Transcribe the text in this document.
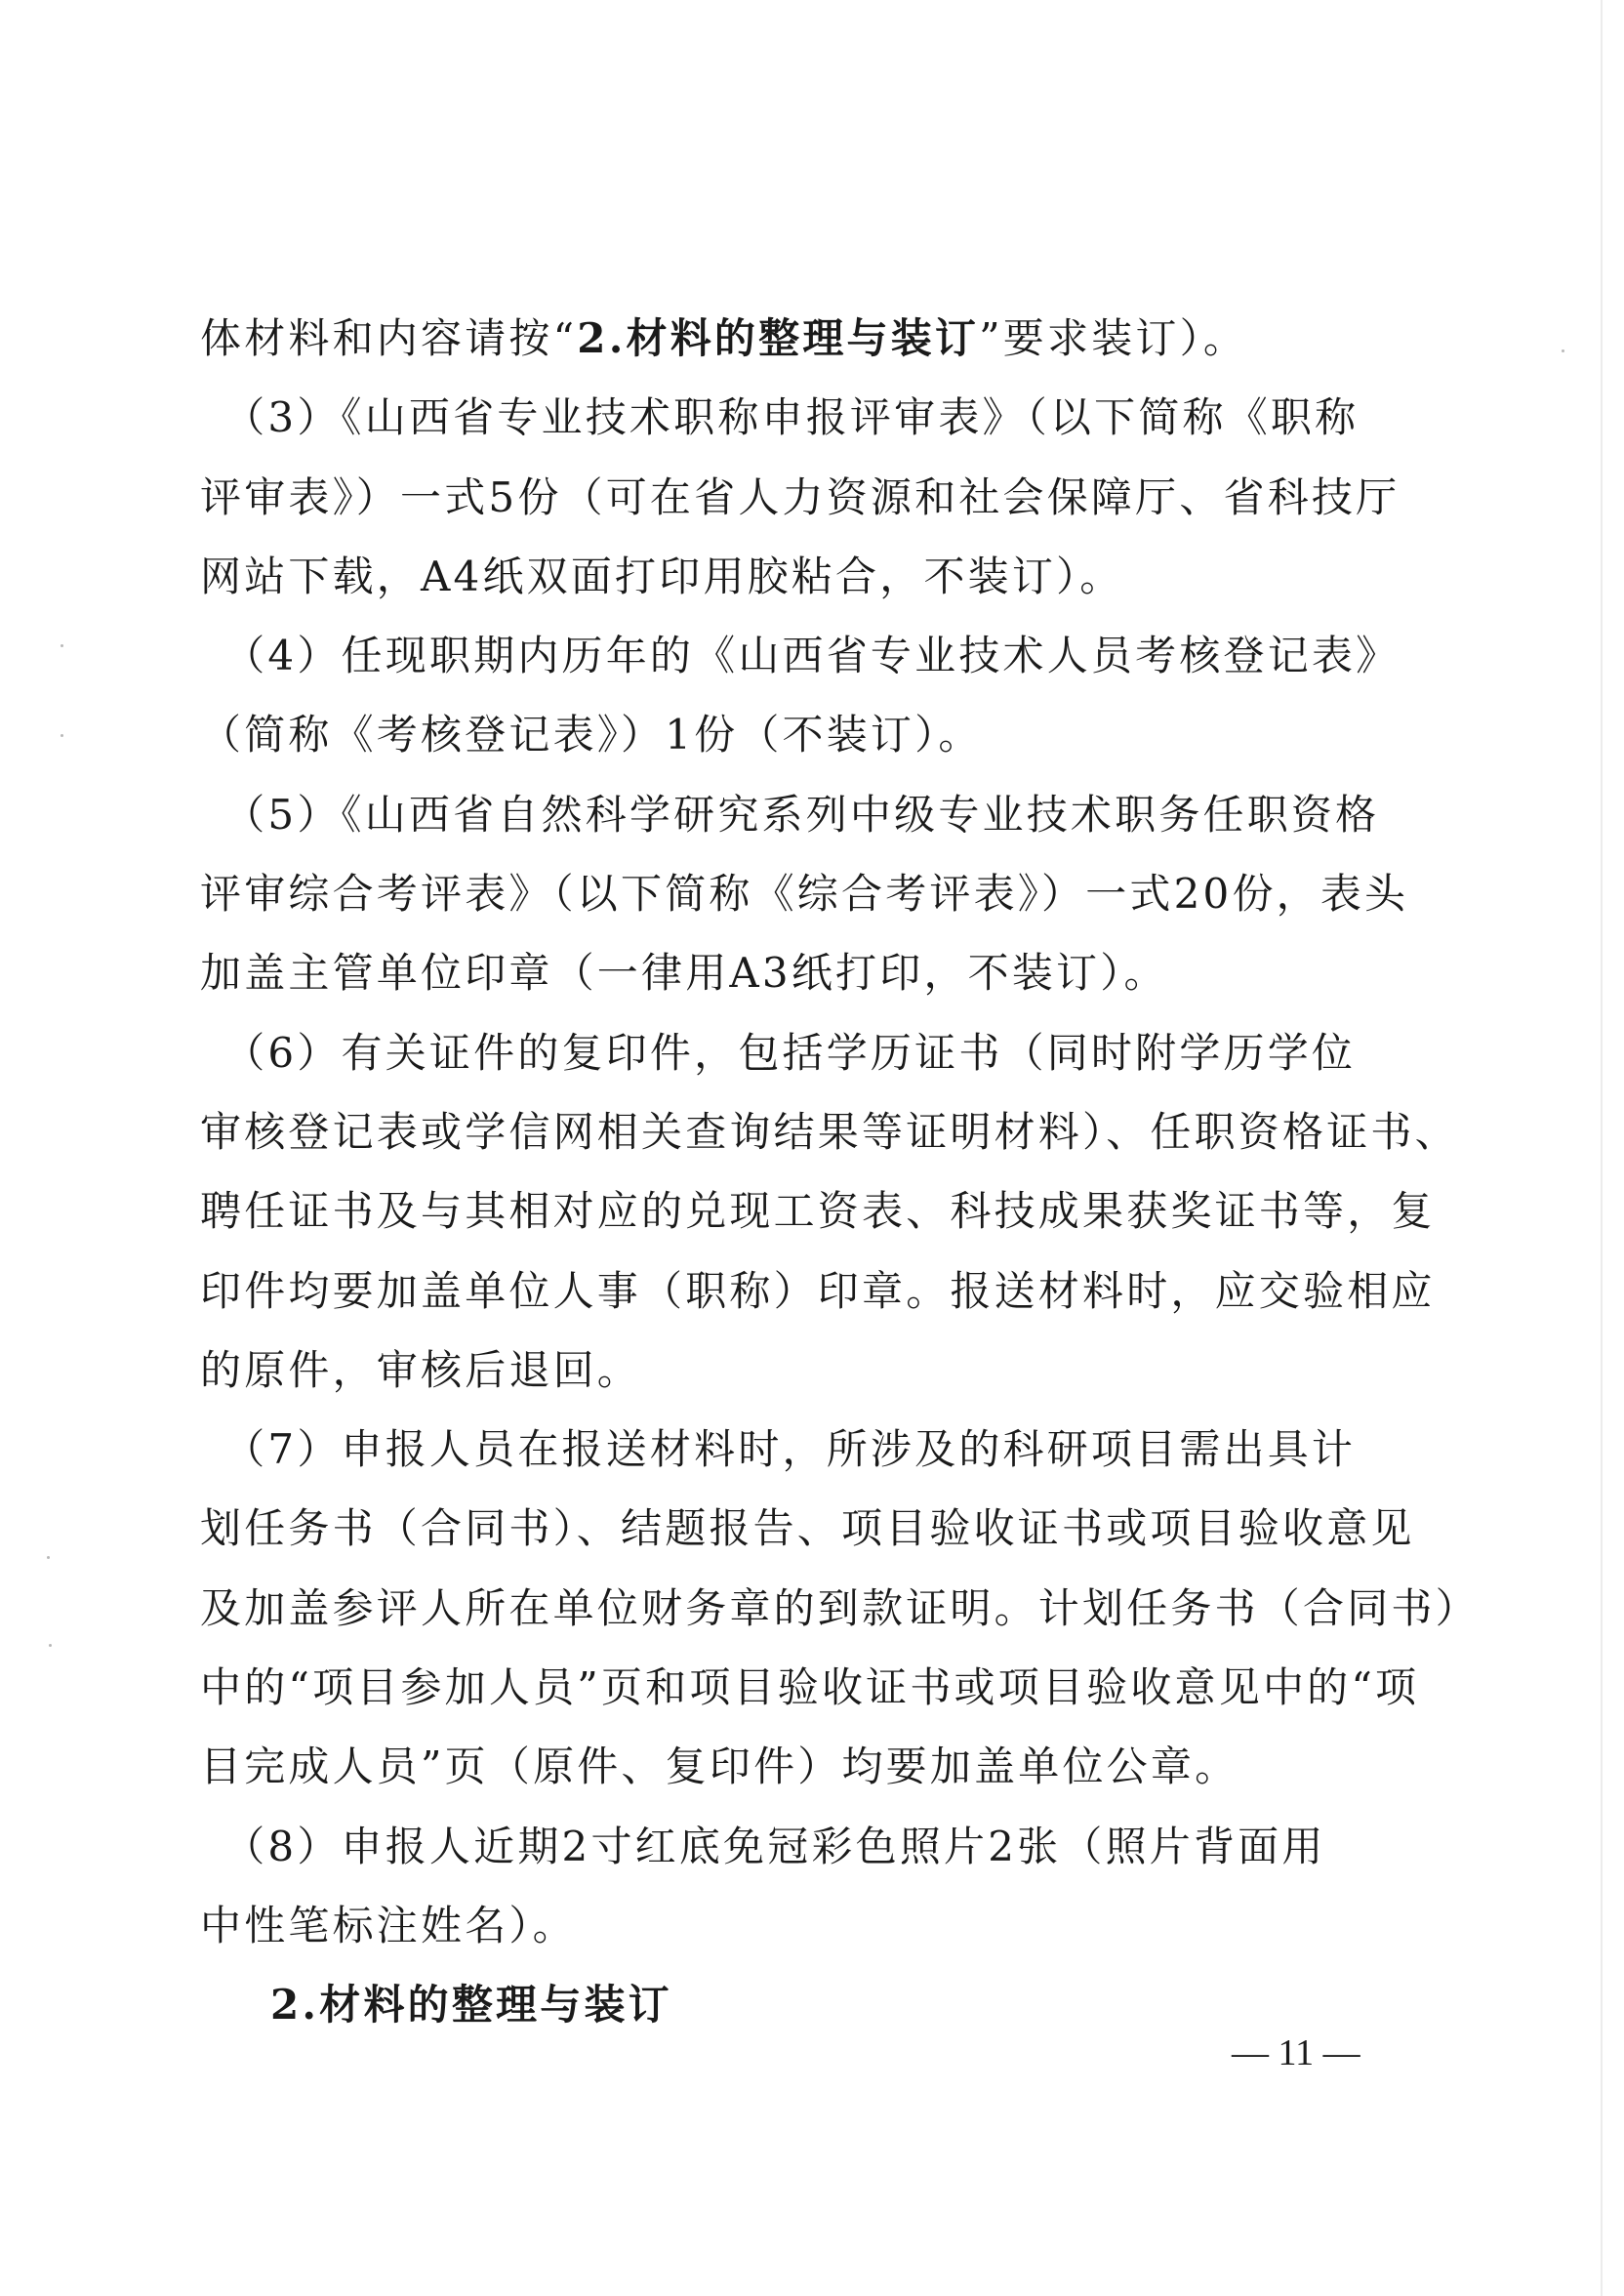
体材料和内容请按“2.材料的整理与装订”要求装订）。
　（3）《山西省专业技术职称申报评审表》（以下简称《职称
评审表》）一式5份（可在省人力资源和社会保障厅、省科技厅
网站下载，A4纸双面打印用胶粘合，不装订）。
　（4）任现职期内历年的《山西省专业技术人员考核登记表》
（简称《考核登记表》）1份（不装订）。
　（5）《山西省自然科学研究系列中级专业技术职务任职资格
评审综合考评表》（以下简称《综合考评表》）一式20份，表头
加盖主管单位印章（一律用A3纸打印，不装订）。
　（6）有关证件的复印件，包括学历证书（同时附学历学位
审核登记表或学信网相关查询结果等证明材料）、任职资格证书、
聘任证书及与其相对应的兑现工资表、科技成果获奖证书等，复
印件均要加盖单位人事（职称）印章。报送材料时，应交验相应
的原件，审核后退回。
　（7）申报人员在报送材料时，所涉及的科研项目需出具计
划任务书（合同书）、结题报告、项目验收证书或项目验收意见
及加盖参评人所在单位财务章的到款证明。计划任务书（合同书）
中的“项目参加人员”页和项目验收证书或项目验收意见中的“项
目完成人员”页（原件、复印件）均要加盖单位公章。
　（8）申报人近期2寸红底免冠彩色照片2张（照片背面用
中性笔标注姓名）。
2.材料的整理与装订
— 11 —
